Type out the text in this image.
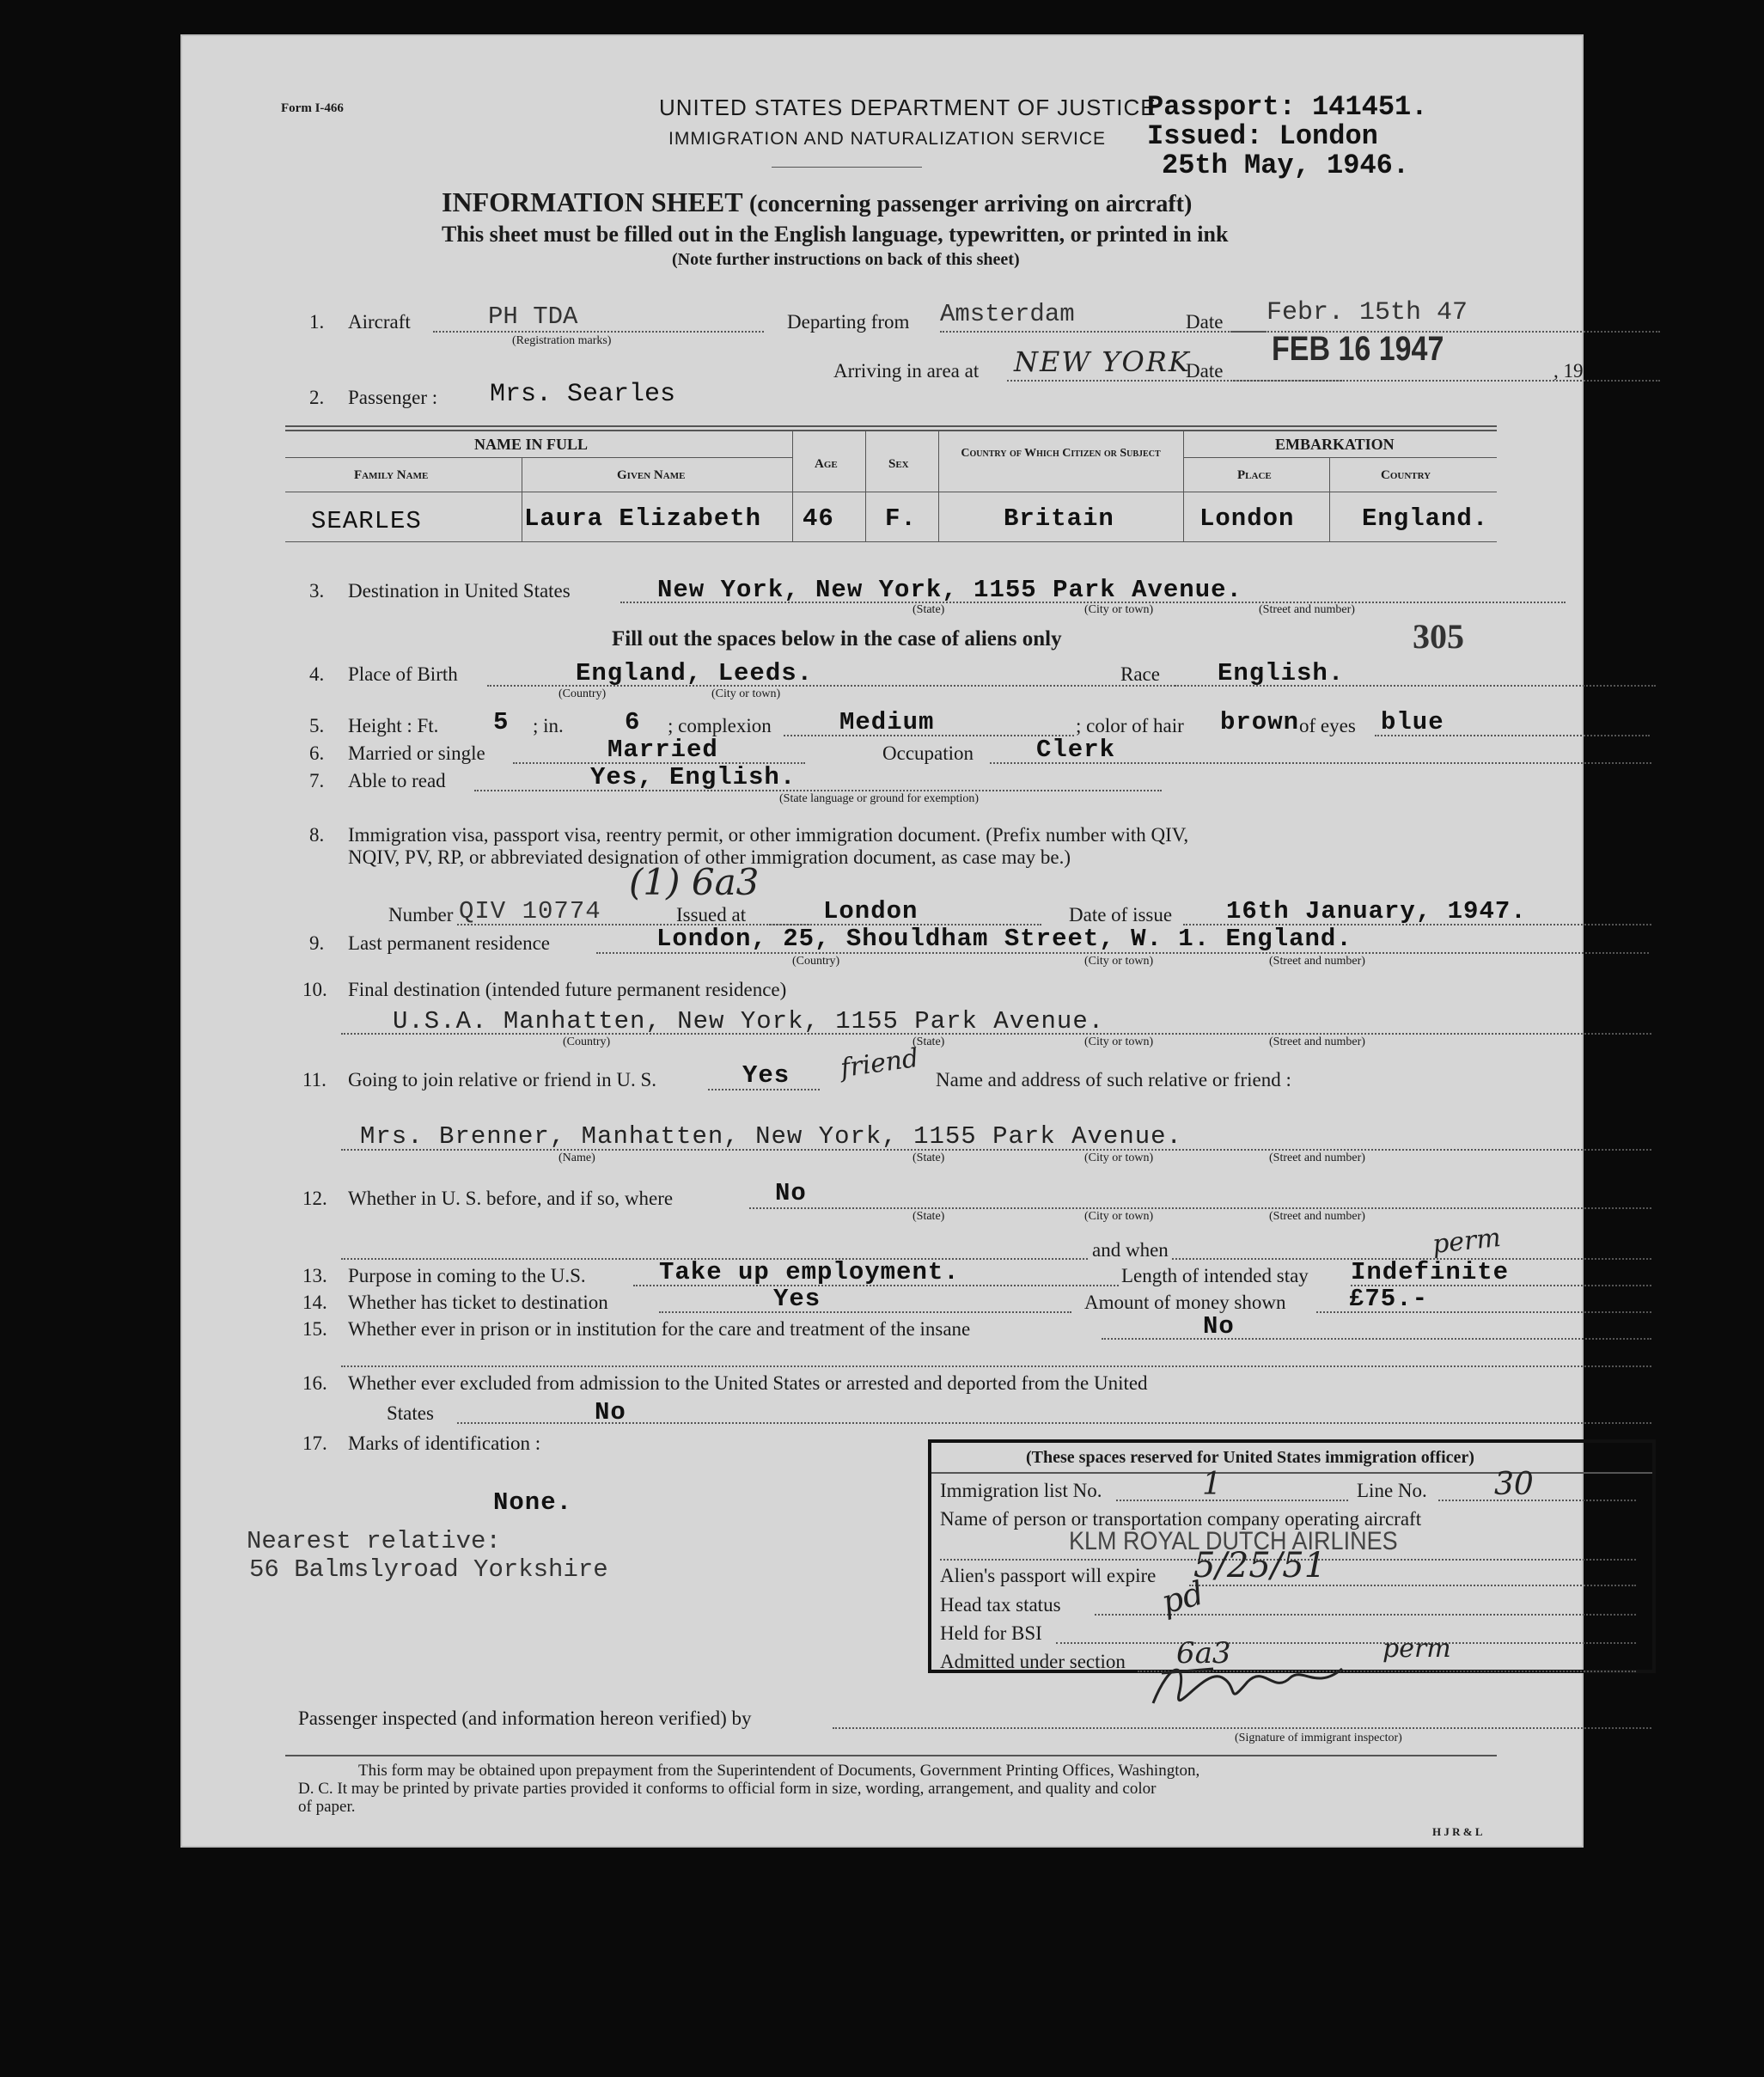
Form I-466	UNITED STATES DEPARTMENT OF JUSTICE
IMMIGRATION AND NATURALIZATION SERVICE
Passport: 141451.
Issued: London
25th May, 1946.
INFORMATION SHEET (concerning passenger arriving on aircraft)
This sheet must be filled out in the English language, typewritten, or printed in ink
(Note further instructions on back of this sheet)
1. Aircraft	PH TDA
(Registration marks)
Departing from Amsterdam	Date Febr. 15th 47
Arriving in area at NEW YORK
Date
FEB 16 1947
, 19
2. Passenger : Mrs. Searles
NAME IN FULL
Family Name	Given Name
Age	Sex
Country of Which Citizen or Subject
EMBARKATION
Place	Country
SEARLES	Laura Elizabeth 46 F.	Britain	London	England.
3. Destination in United States	New York, New York, 1155 Park Avenue.
(State)	(City or town)	(Street and number)
Fill out the spaces below in the case of aliens only	305
4. Place of Birth	England, Leeds.
(Country)	(City or town)
Race English.
5. Height : Ft. 5 ; in. 6 ; complexion	Medium	; color of hair brown of eyes blue
6. Married or single	Married	Occupation	Clerk
7. Able to read	Yes, English.
(State language or ground for exemption)
8. Immigration visa, passport visa, reentry permit, or other immigration document. (Prefix number with QIV,
NQIV, PV, RP, or abbreviated designation of other immigration document, as case may be.)
Number QIV 10774
(1) 6a3
Issued at	London	Date of issue 16th January, 1947.
9. Last permanent residence	London, 25, Shouldham Street, W. 1. England.
(Country)	(City or town)	(Street and number)
10. Final destination (intended future permanent residence)
U.S.A. Manhatten, New York, 1155 Park Avenue.
(Country)	(State)	(City or town)	(Street and number)
11. Going to join relative or friend in U. S.	Yes friend Name and address of such relative or friend :
Mrs. Brenner, Manhatten, New York, 1155 Park Avenue.
(Name)	(State)	(City or town)	(Street and number)
12. Whether in U. S. before, and if so, where	No
(State)	(City or town)	(Street and number)
and when
13. Purpose in coming to the U.S.	Take up employment.	Length of intended stay Indefinite
perm
14. Whether has ticket to destination	Yes	Amount of money shown	£75.-
15. Whether ever in prison or in institution for the care and treatment of the insane	No
16. Whether ever excluded from admission to the United States or arrested and deported from the United
States	No
17. Marks of identification :
None.
Nearest relative:
56 Balmslyroad Yorkshire
(These spaces reserved for United States immigration officer)
Immigration list No.	1	Line No. 30
Name of person or transportation company operating aircraft
KLM ROYAL DUTCH AIRLINES
Alien's passport will expire 5/25/51
Head tax status	pd
Held for BSI
Admitted under section 6a3	perm
Passenger inspected (and information hereon verified) by
(Signature of immigrant inspector)
This form may be obtained upon prepayment from the Superintendent of Documents, Government Printing Offices, Washington,
D. C. It may be printed by private parties provided it conforms to official form in size, wording, arrangement, and quality and color
of paper.
H J R & L
